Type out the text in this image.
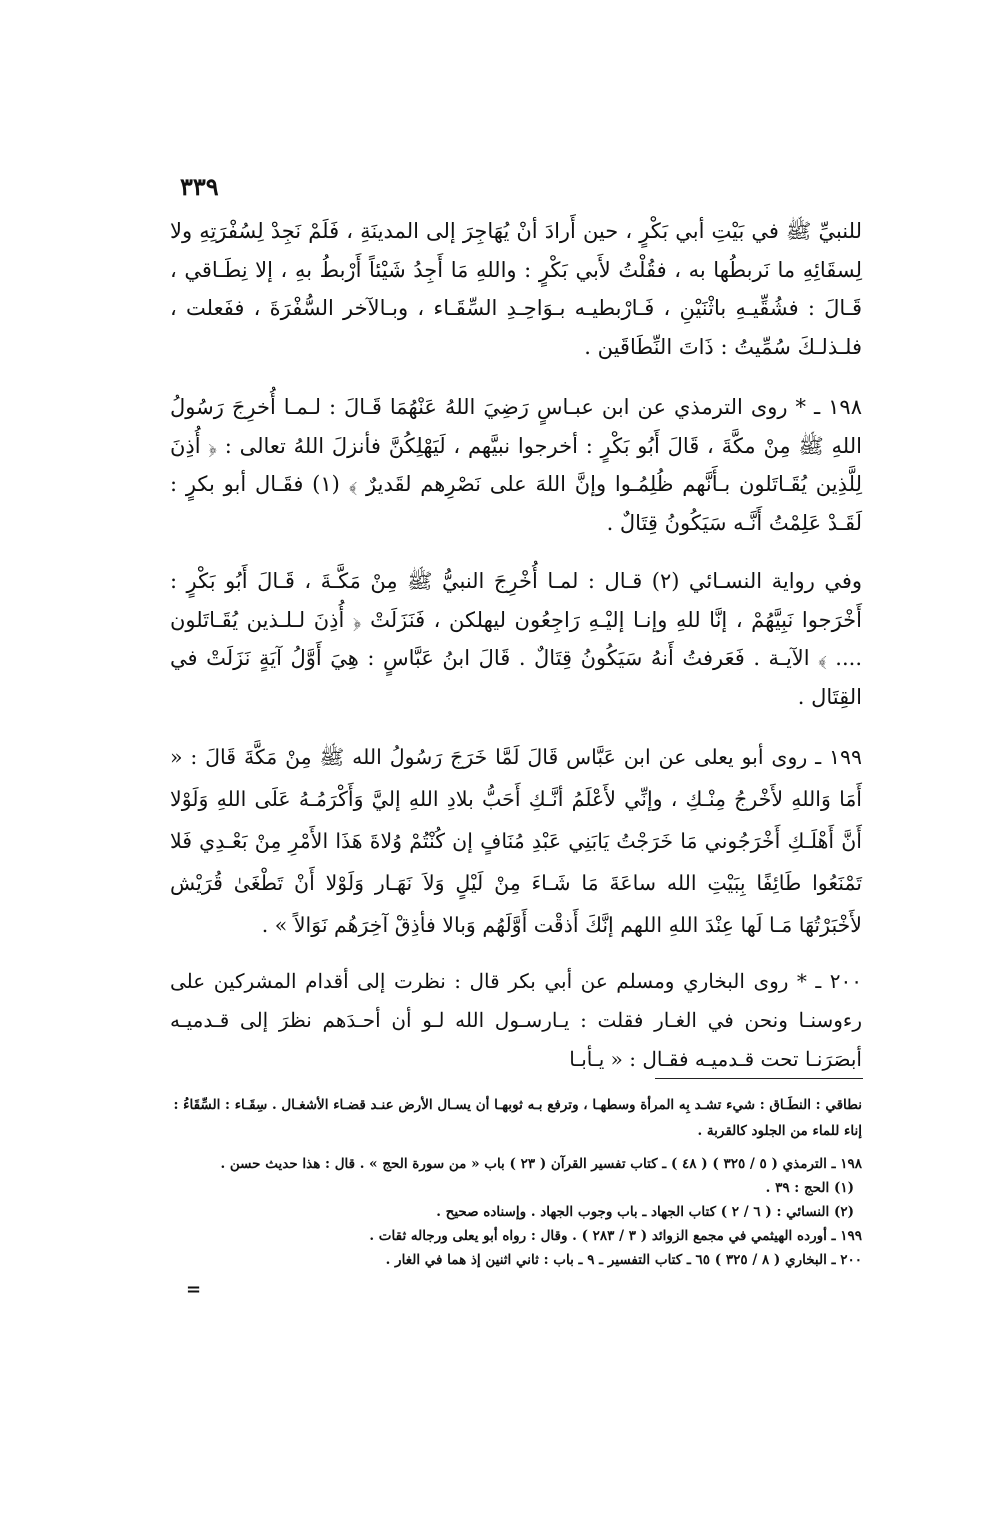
٣٣٩

للنبيِّ ﷺ في بَيْتِ أبي بَكْرٍ ، حين أَرادَ أنْ يُهَاجِرَ إلى المدينَةِ ، فَلَمْ نَجِدْ لِسُفْرَتِهِ ولا لِسقَائِهِ ما نَربطُها به ، فقُلْتُ لأَبي بَكْرٍ : واللهِ مَا أَجِدُ شَيْئاً أَرْبطُ بهِ ، إلا نِطَـاقي ، قَـالَ : فشُقِّيـهِ باثْنَيْنِ ، فَـارْبطيـه بـوَاحِـدِ السِّقَـاء ، وبـالآخر السُّفْرَةَ ، ففَعلت ، فلـذلـكَ سُمِّيتُ : ذَاتَ النِّطَاقَين .

١٩٨ ـ * روى الترمذي عن ابن عبـاسٍ رَضِيَ اللهُ عَنْهُمَا قَـالَ : لـمـا أُخرِجَ رَسُولُ اللهِ ﷺ مِنْ مكَّةَ ، قَالَ أَبُو بَكْرٍ : أخرجوا نبيَّهم ، لَيَهْلِكُنَّ فأنزلَ اللهُ تعالى : ﴿ أُذِنَ لِلَّذِين يُقَـاتَلون بـأَنَّهم ظُلِمُـوا وإنَّ اللهَ على نَصْرِهم لقَديرٌ ﴾ (١) فقَـال أبو بكرٍ : لَقَـدْ عَلِمْتُ أَنَّـه سَيَكُونُ قِتَالٌ .

وفي رواية النسـائي (٢) قـال : لمـا أُخْرِجَ النبيُّ ﷺ مِنْ مَكَّـةَ ، قَـالَ أَبُو بَكْرٍ : أَخْرَجوا نَبِيَّهُمْ ، إنَّا للهِ وإنـا إليْـهِ رَاجِعُون ليهلكن ، فَنَزَلَتْ ﴿ أُذِنَ لـلـذين يُقَـاتَلون .... ﴾ الآيـة . فَعَرفتُ أَنهُ سَيَكُونُ قِتَالٌ . قَالَ ابنُ عَبَّاسٍ : هِيَ أَوَّلُ آيَةٍ نَزَلَتْ في القِتَال .

١٩٩ ـ روى أبو يعلى عن ابن عَبَّاس قَالَ لَمَّا خَرَجَ رَسُولُ الله ﷺ مِنْ مَكَّةَ قَالَ : « أَمَا وَاللهِ لأَخْرجُ مِنْـكِ ، وإنِّي لأَعْلَمُ أنَّـكِ أَحَبُّ بلادِ اللهِ إليَّ وَأَكْرَمُـهُ عَلَى اللهِ وَلَوْلا أَنَّ أَهْلَـكِ أَخْرَجُوني مَا خَرَجْتُ يَابَنِي عَبْدِ مُنَافٍ إن كُنْتُمْ وُلاةَ هَذَا الأَمْرِ مِنْ بَعْـدِي فَلا تَمْنَعُوا طَائِفًا بِبَيْتِ الله ساعَةَ مَا شَـاءَ مِنْ لَيْلٍ وَلاَ نَهَـار وَلَوْلا أَنْ تَطْغَىٰ قُرَيْش لأَخْبَرْتُهَا مَـا لَها عِنْدَ اللهِ اللهم إنَّكَ أَذقْت أَوَّلَهُم وَبالا فأذِقْ آخِرَهُم نَوَالاً » .

٢٠٠ ـ * روى البخاري ومسلم عن أبي بكر قال : نظرت إلى أقدام المشركين على رءوسنـا ونحن في الغـار فقلت : يـارسـول الله لـو أن أحـدَهم نظرَ إلى قـدميـه أبصَرَنـا تحت قـدميـه فقـال : « يـأبـا

نطاقي : النطَـاق : شيء تشـد بِه المرأة وسطهـا ، وترفع بـه ثوبهـا أن يسـال الأرض عنـد قضـاء الأشغـال . سِقَـاء : السِّقَاءُ : إناء للماء من الجلود كالقربة .

١٩٨ ـ الترمذي ( ٥ / ٣٢٥ ) ( ٤٨ ) ـ كتاب تفسير القرآن ( ٢٣ ) باب « من سورة الحج » . قال : هذا حديث حسن .

(١) الحج : ٣٩ .

(٢) النسائي : ( ٦ / ٢ ) كتاب الجهاد ـ باب وجوب الجهاد . وإسناده صحيح .

١٩٩ ـ أورده الهيثمي في مجمع الزوائد ( ٣ / ٢٨٣ ) . وقال : رواه أبو يعلى ورجاله ثقات .

٢٠٠ ـ البخاري ( ٨ / ٣٢٥ ) ٦٥ ـ كتاب التفسير ـ ٩ ـ باب : ثاني اثنين إذ هما في الغار .

=
